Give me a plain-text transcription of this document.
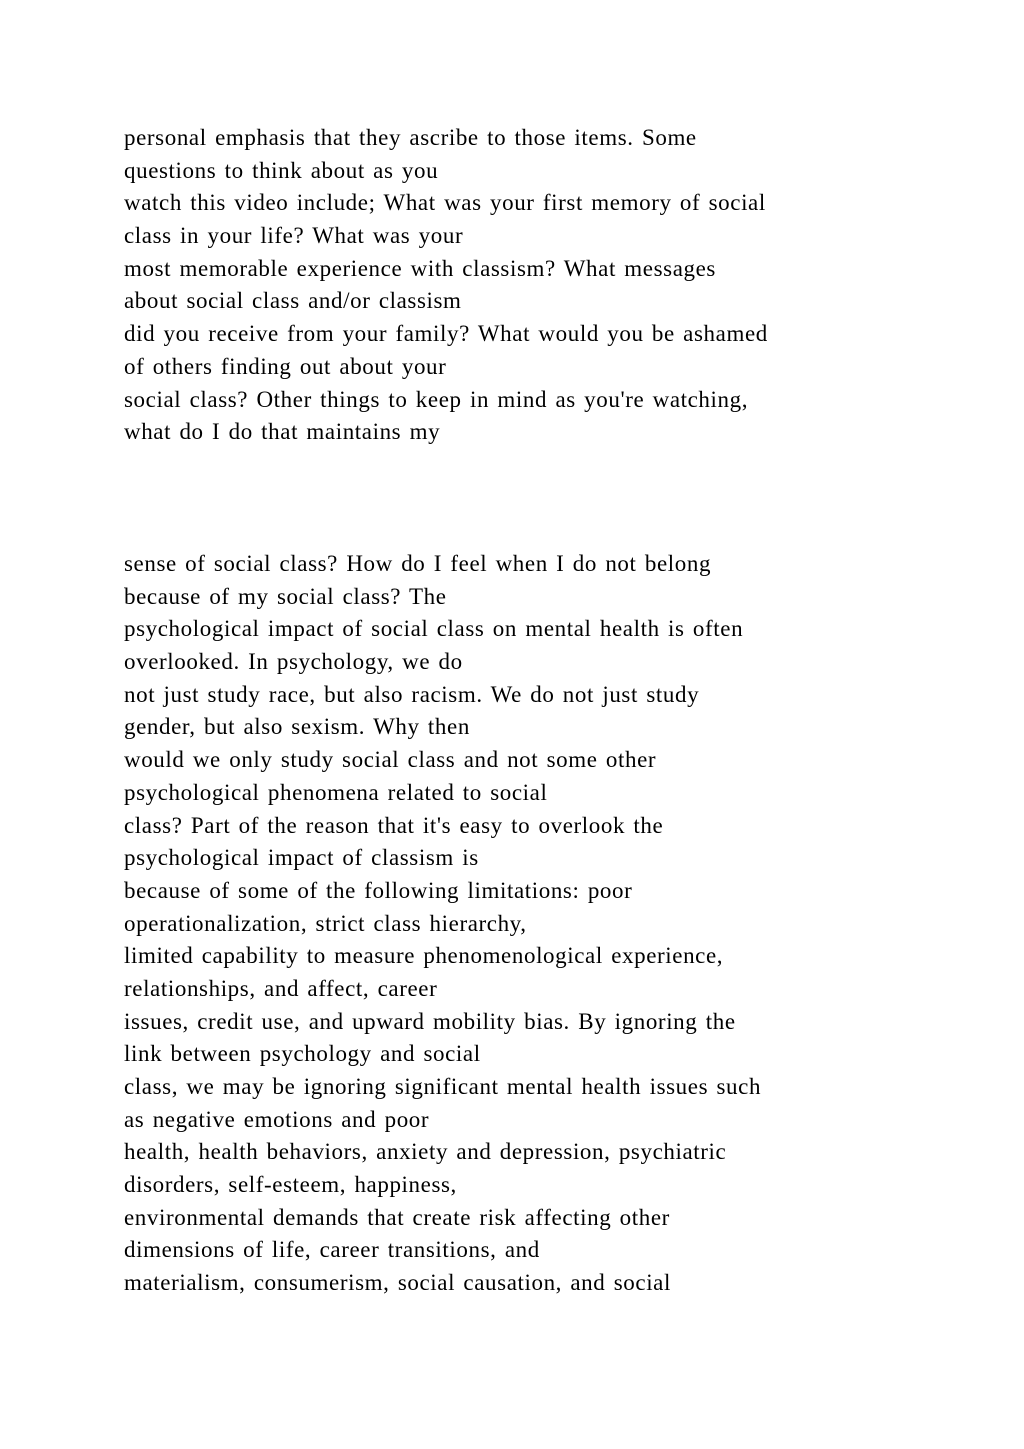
personal emphasis that they ascribe to those items. Some
questions to think about as you
watch this video include; What was your first memory of social
class in your life? What was your
most memorable experience with classism? What messages
about social class and/or classism
did you receive from your family? What would you be ashamed
of others finding out about your
social class? Other things to keep in mind as you're watching,
what do I do that maintains my
sense of social class? How do I feel when I do not belong
because of my social class? The
psychological impact of social class on mental health is often
overlooked. In psychology, we do
not just study race, but also racism. We do not just study
gender, but also sexism. Why then
would we only study social class and not some other
psychological phenomena related to social
class? Part of the reason that it's easy to overlook the
psychological impact of classism is
because of some of the following limitations: poor
operationalization, strict class hierarchy,
limited capability to measure phenomenological experience,
relationships, and affect, career
issues, credit use, and upward mobility bias. By ignoring the
link between psychology and social
class, we may be ignoring significant mental health issues such
as negative emotions and poor
health, health behaviors, anxiety and depression, psychiatric
disorders, self-esteem, happiness,
environmental demands that create risk affecting other
dimensions of life, career transitions, and
materialism, consumerism, social causation, and social
